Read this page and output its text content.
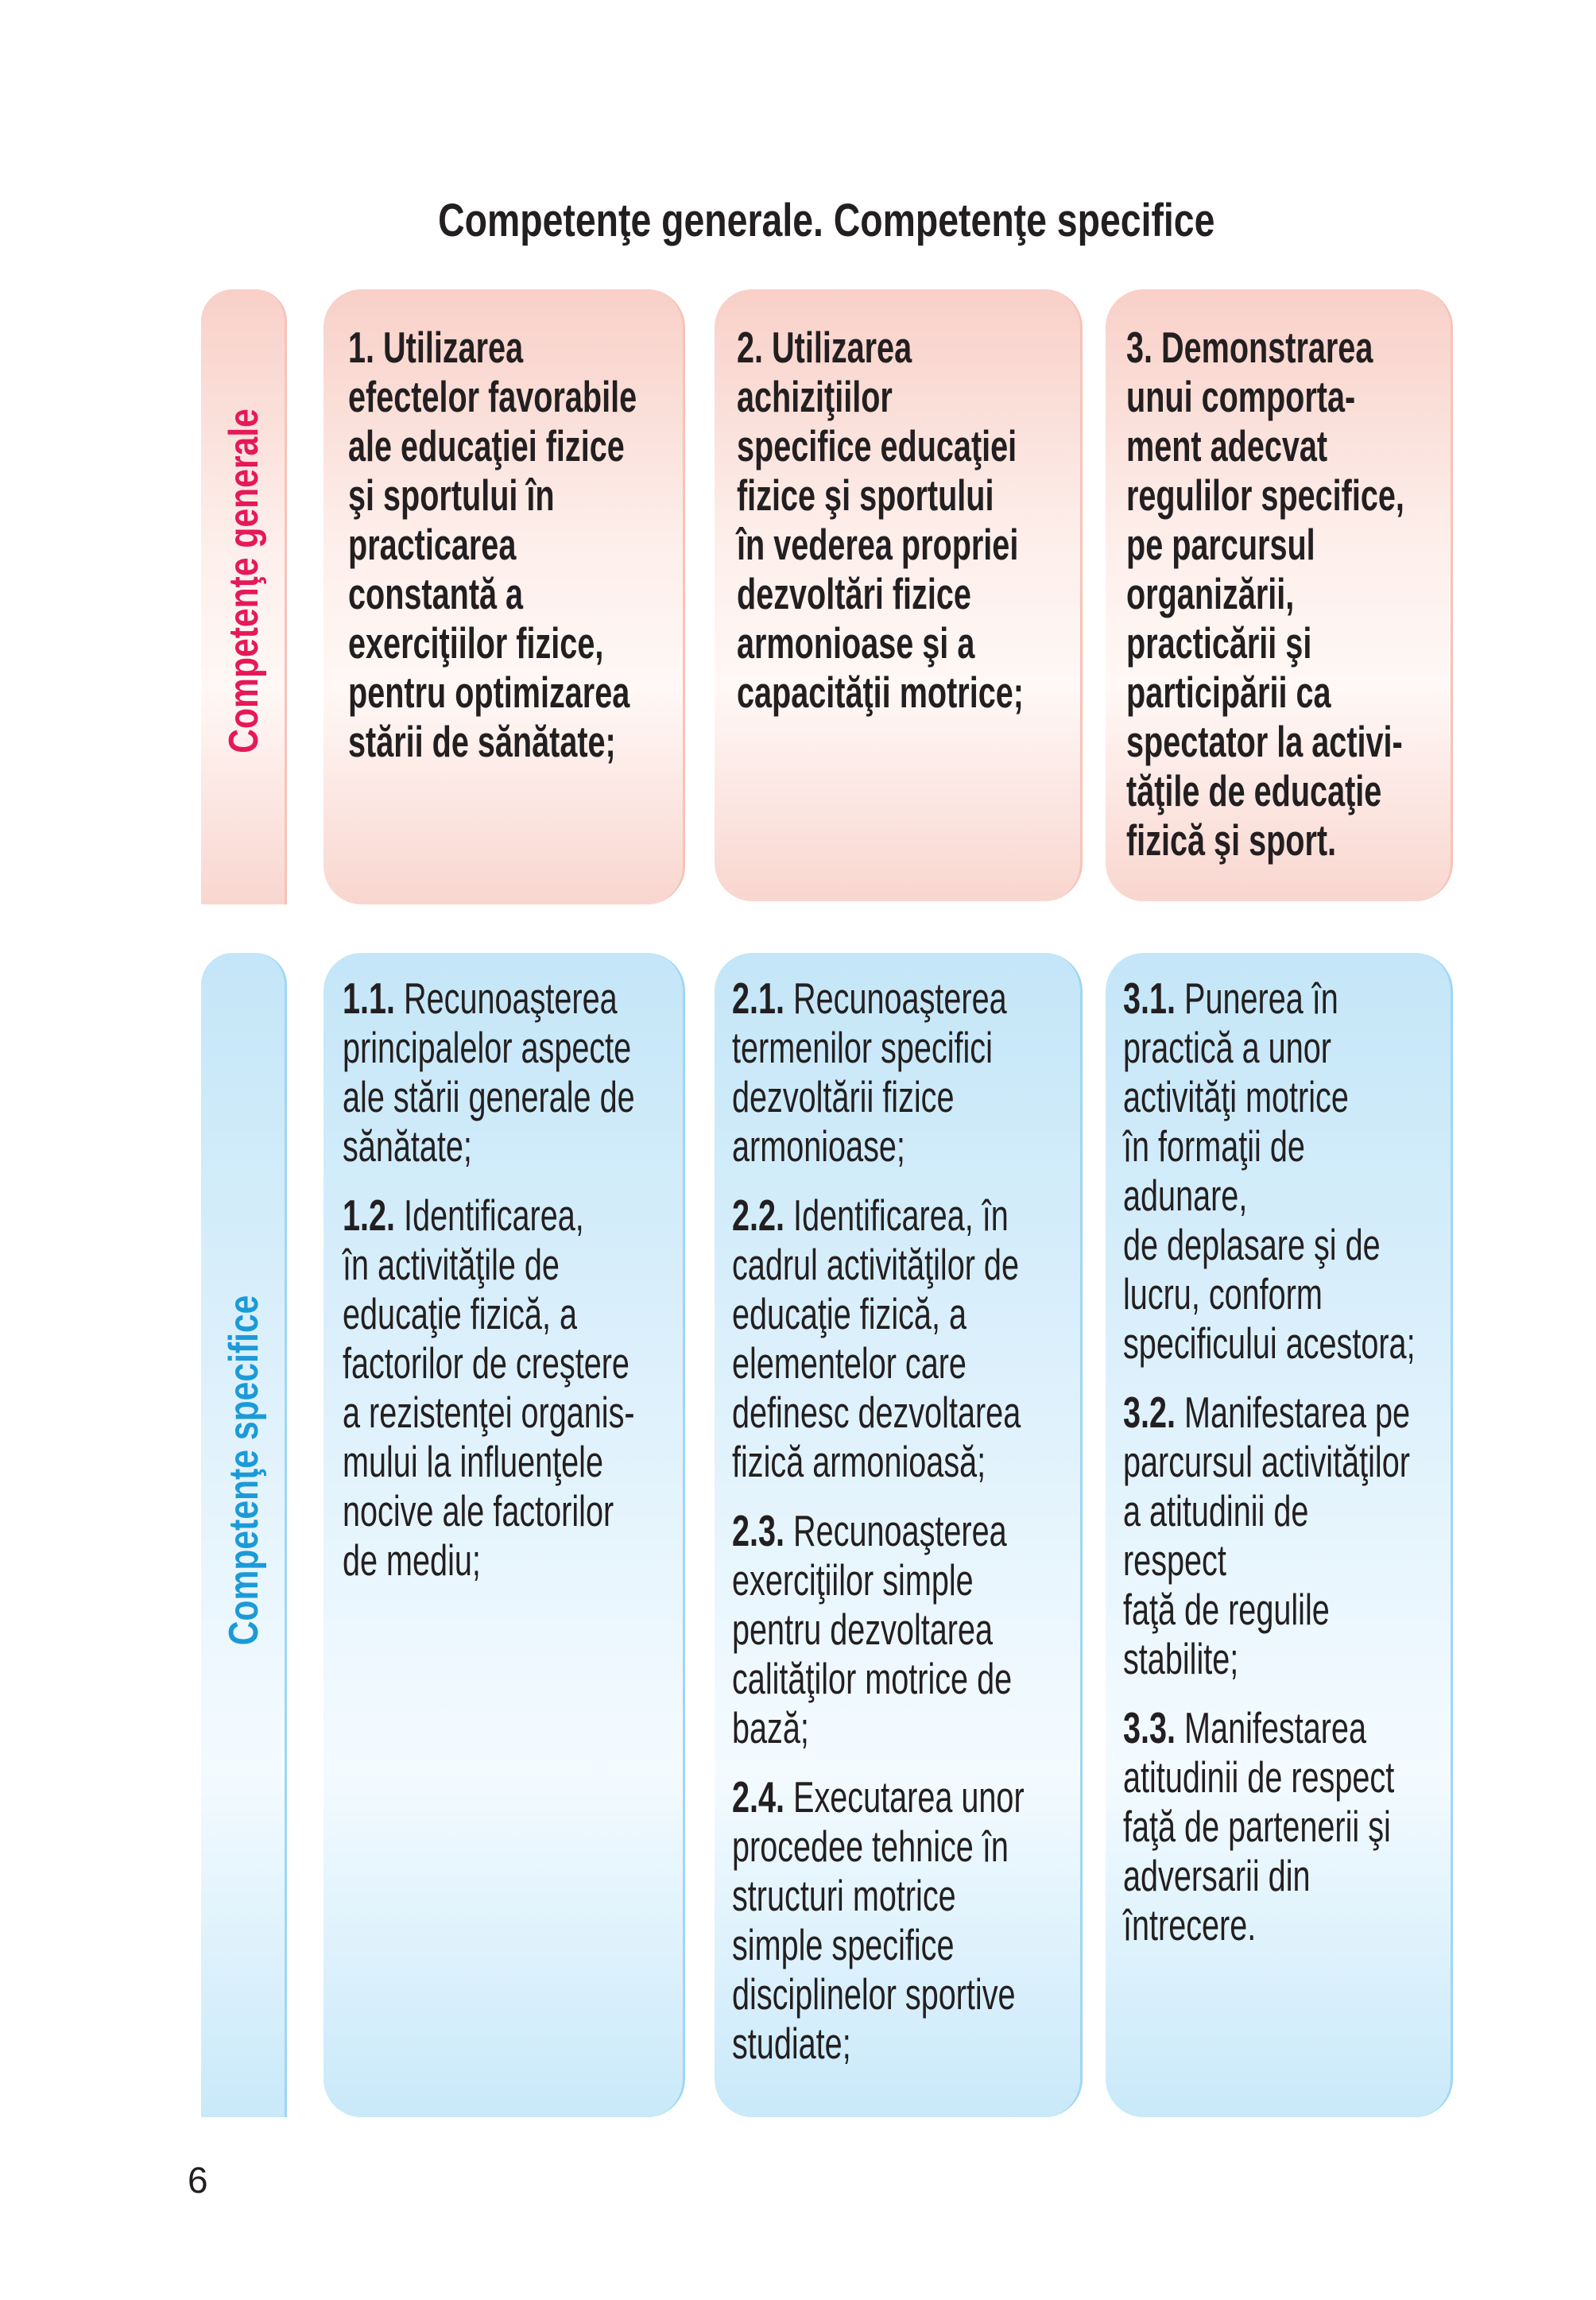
Competenţe generale. Competenţe specifice
Competenţe generale
Competenţe specifice
1. Utilizarea
efectelor favorabile
ale educaţiei fizice
şi sportului în
practicarea
constantă a
exerciţiilor fizice,
pentru optimizarea
stării de sănătate;
2. Utilizarea
achiziţiilor
specifice educaţiei
fizice şi sportului
în vederea propriei
dezvoltări fizice
armonioase şi a
capacităţii motrice;
3. Demonstrarea
unui comporta-
ment adecvat
regulilor specifice,
pe parcursul
organizării,
practicării şi
participării ca
spectator la activi-
tăţile de educaţie
fizică şi sport.
1.1. Recunoaşterea
principalelor aspecte
ale stării generale de
sănătate;
1.2. Identificarea,
în activităţile de
educaţie fizică, a
factorilor de creştere
a rezistenţei organis-
mului la influenţele
nocive ale factorilor
de mediu;
2.1. Recunoaşterea
termenilor specifici
dezvoltării fizice
armonioase;
2.2. Identificarea, în
cadrul activităţilor de
educaţie fizică, a
elementelor care
definesc dezvoltarea
fizică armonioasă;
2.3. Recunoaşterea
exerciţiilor simple
pentru dezvoltarea
calităţilor motrice de
bază;
2.4. Executarea unor
procedee tehnice în
structuri motrice
simple specifice
disciplinelor sportive
studiate;
3.1. Punerea în
practică a unor
activităţi motrice
în formaţii de
adunare,
de deplasare şi de
lucru, conform
specificului acestora;
3.2. Manifestarea pe
parcursul activităţilor
a atitudinii de
respect
faţă de regulile
stabilite;
3.3. Manifestarea
atitudinii de respect
faţă de partenerii şi
adversarii din
întrecere.
6
